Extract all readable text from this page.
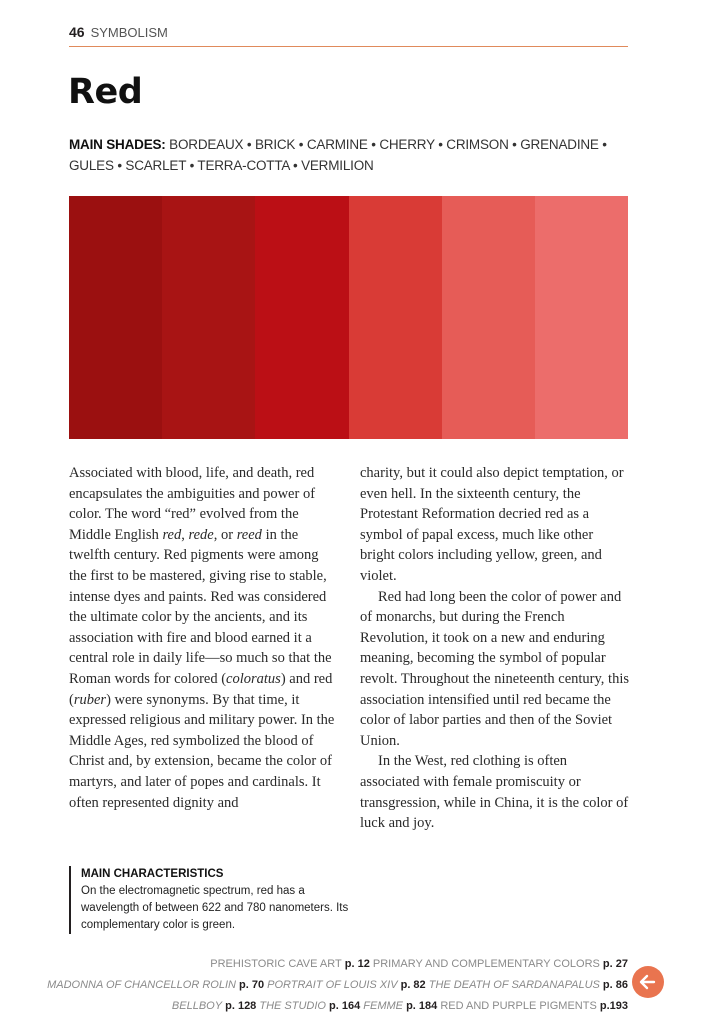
46 SYMBOLISM
Red
MAIN SHADES: BORDEAUX • BRICK • CARMINE • CHERRY • CRIMSON • GRENADINE • GULES • SCARLET • TERRA-COTTA • VERMILION

Associated with blood, life, and death, red encapsulates the ambiguities and power of color. The word “red” evolved from the Middle English red, rede, or reed in the twelfth century. Red pigments were among the first to be mastered, giving rise to stable, intense dyes and paints. Red was considered the ultimate color by the ancients, and its association with fire and blood earned it a central role in daily life—so much so that the Roman words for colored (coloratus) and red (ruber) were synonyms. By that time, it expressed religious and military power. In the Middle Ages, red symbolized the blood of Christ and, by extension, became the color of martyrs, and later of popes and cardinals. It often represented dignity and

charity, but it could also depict temptation, or even hell. In the sixteenth century, the Protestant Reformation decried red as a symbol of papal excess, much like other bright colors including yellow, green, and violet.

Red had long been the color of power and of monarchs, but during the French Revolution, it took on a new and enduring meaning, becoming the symbol of popular revolt. Throughout the nineteenth century, this association intensified until red became the color of labor parties and then of the Soviet Union.

In the West, red clothing is often associated with female promiscuity or transgression, while in China, it is the color of luck and joy.

MAIN CHARACTERISTICS
On the electromagnetic spectrum, red has a wavelength of between 622 and 780 nanometers. Its complementary color is green.
PREHISTORIC CAVE ART p. 12 PRIMARY AND COMPLEMENTARY COLORS p. 27
MADONNA OF CHANCELLOR ROLIN p. 70 PORTRAIT OF LOUIS XIV p. 82 THE DEATH OF SARDANAPALUS p. 86
BELLBOY p. 128 THE STUDIO p. 164 FEMME p. 184 RED AND PURPLE PIGMENTS p.193
